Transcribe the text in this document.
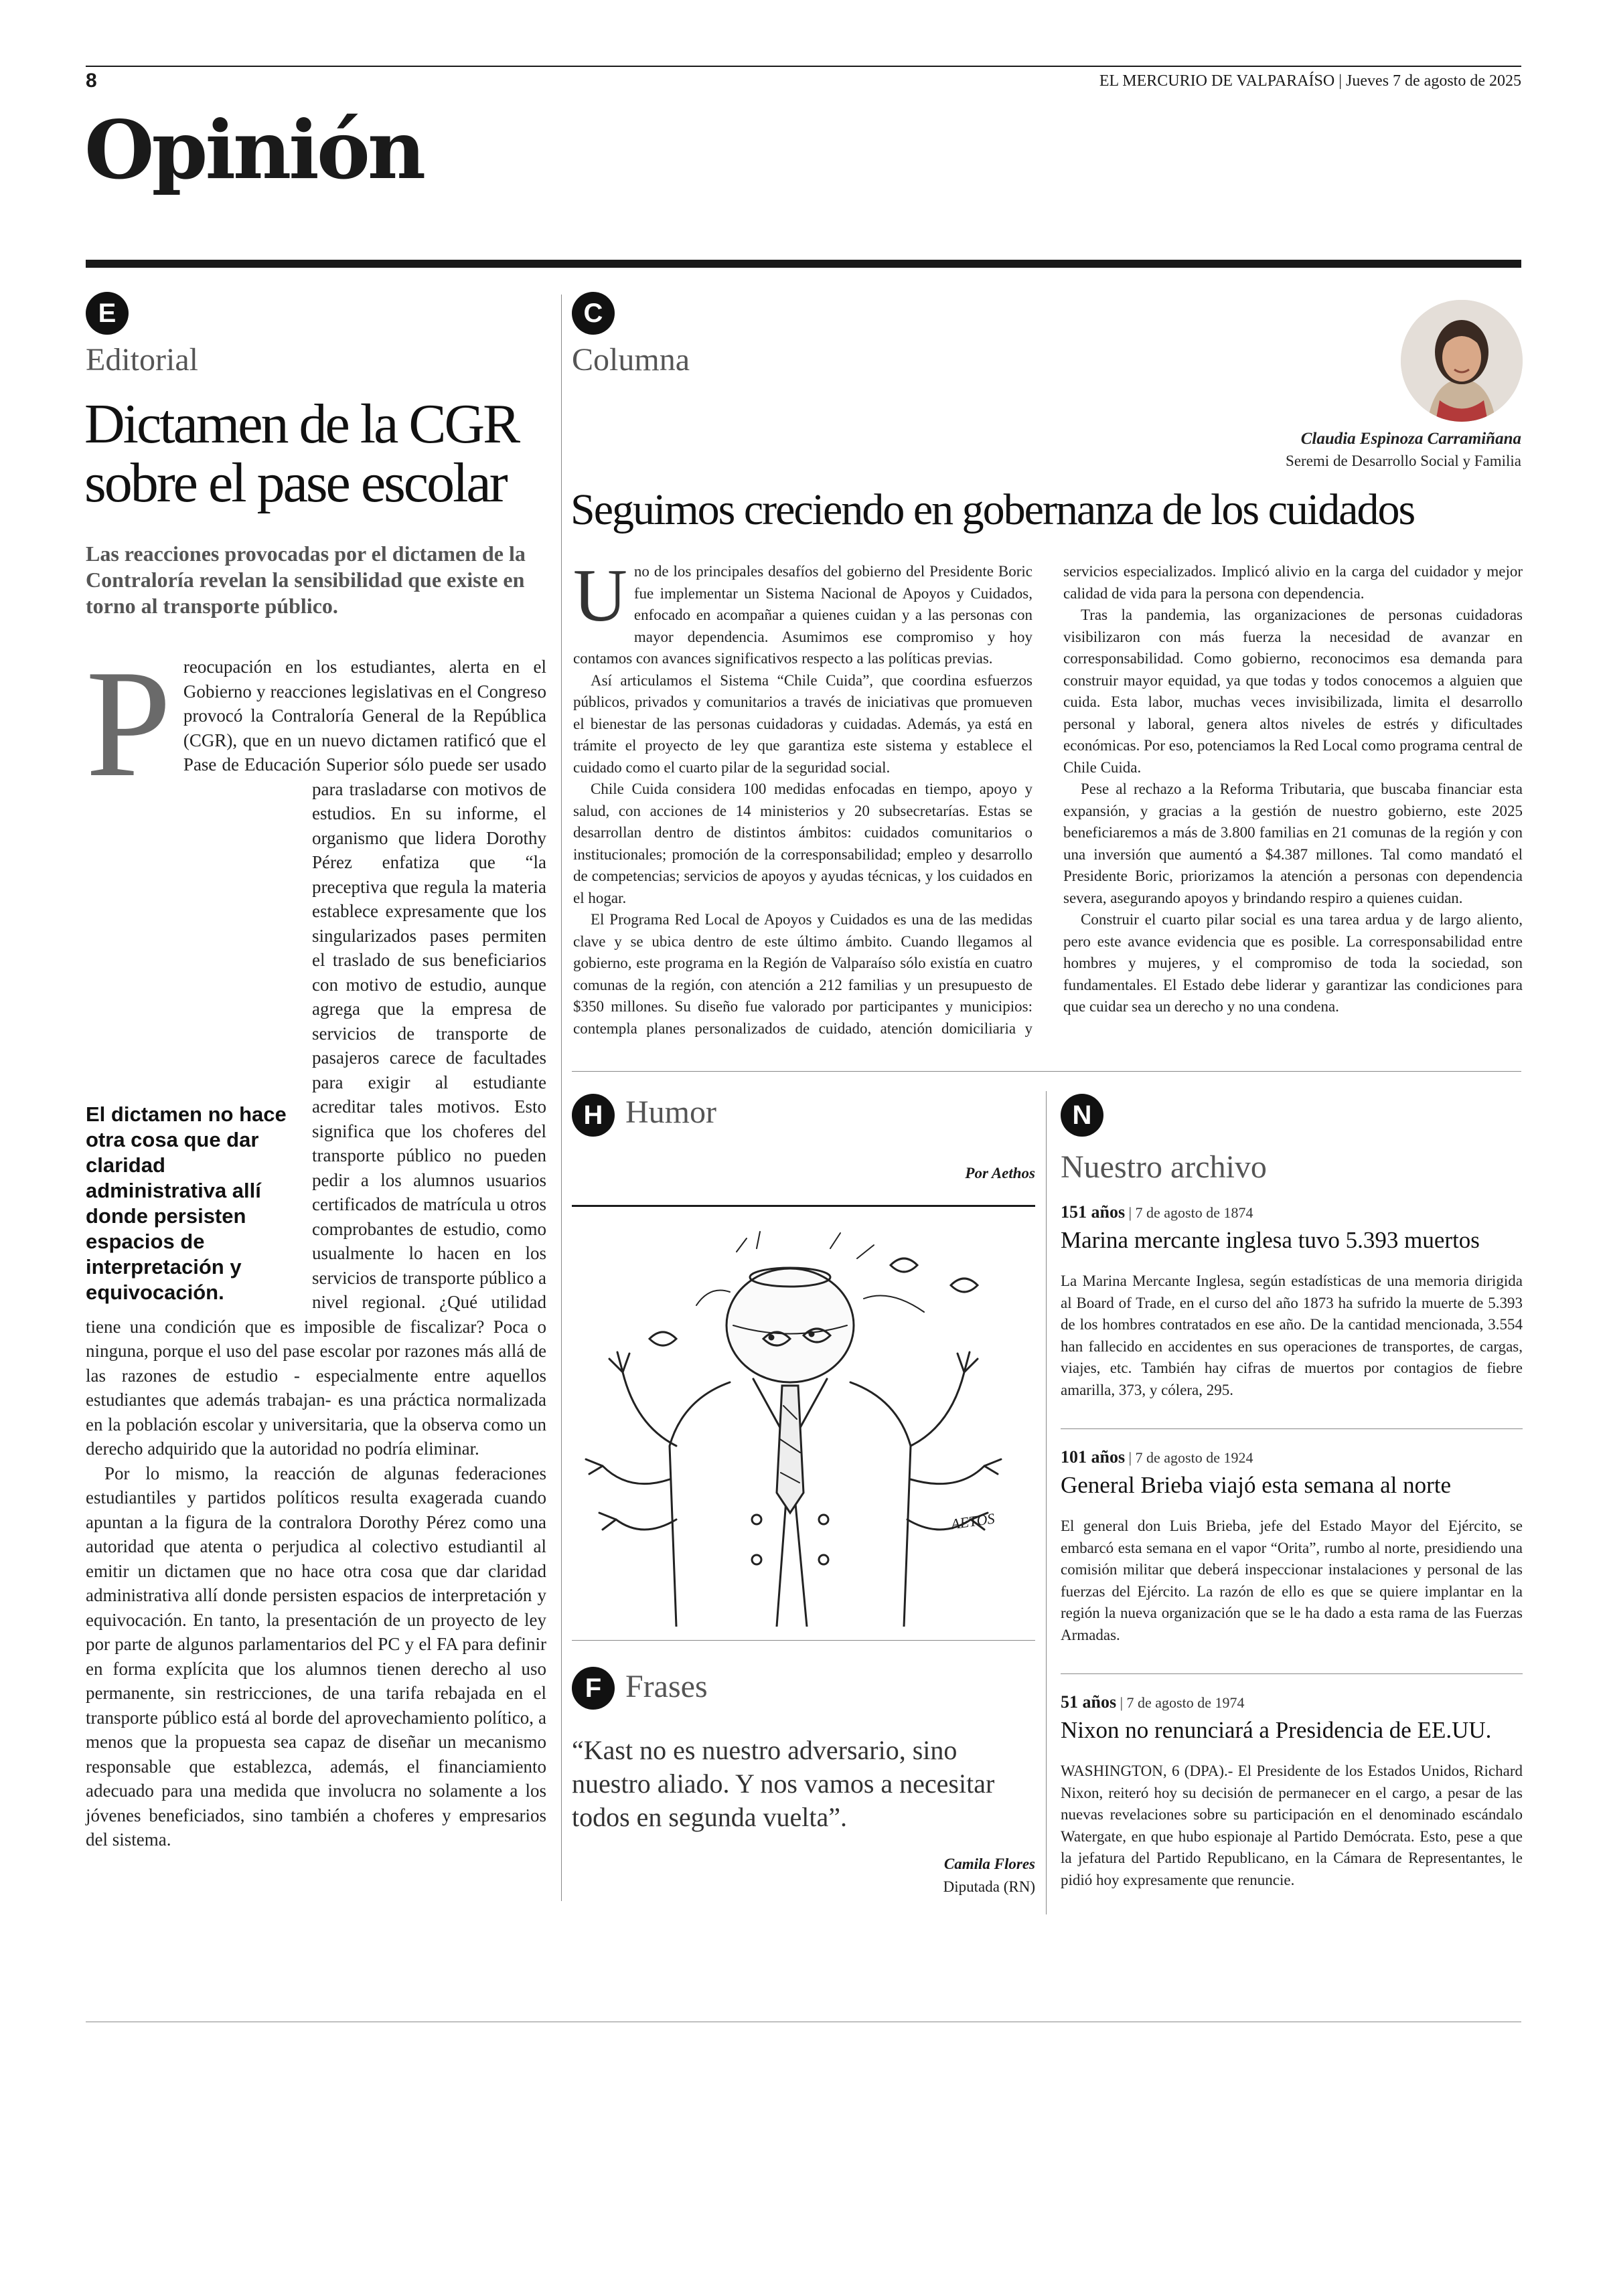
8	EL MERCURIO DE VALPARAÍSO | Jueves 7 de agosto de 2025
Opinión
E
Editorial
Dictamen de la CGR
sobre el pase escolar
Las reacciones provocadas por el dictamen de la Contraloría revelan la sensibilidad que existe en torno al transporte público.
P

El dictamen no hace otra cosa que dar claridad administrativa allí donde persisten espacios de interpretación y equivocación.
reocupación en los estudiantes, alerta en el Gobierno y reacciones legislativas en el Congreso provocó la Contraloría General de la República (CGR), que en un nuevo dictamen ratificó que el Pase de Educación Superior sólo puede ser usado para trasladarse con motivos de estudios. En su informe, el organismo que lidera Dorothy Pérez enfatiza que “la preceptiva que regula la materia establece expresamente que los singularizados pases permiten el traslado de sus beneficiarios con motivo de estudio, aunque agrega que la empresa de servicios de transporte de pasajeros carece de facultades para exigir al estudiante acreditar tales motivos. Esto significa que los choferes del transporte público no pueden pedir a los alumnos usuarios certificados de matrícula u otros comprobantes de estudio, como usualmente lo hacen en los servicios de transporte público a nivel regional. ¿Qué utilidad tiene una condición que es imposible de fiscalizar? Poca o ninguna, porque el uso del pase escolar por razones más allá de las razones de estudio - especialmente entre aquellos estudiantes que además trabajan- es una práctica normalizada en la población escolar y universitaria, que la observa como un derecho adquirido que la autoridad no podría eliminar.

Por lo mismo, la reacción de algunas federaciones estudiantiles y partidos políticos resulta exagerada cuando apuntan a la figura de la contralora Dorothy Pérez como una autoridad que atenta o perjudica al colectivo estudiantil al emitir un dictamen que no hace otra cosa que dar claridad administrativa allí donde persisten espacios de interpretación y equivocación. En tanto, la presentación de un proyecto de ley por parte de algunos parlamentarios del PC y el FA para definir en forma explícita que los alumnos tienen derecho al uso permanente, sin restricciones, de una tarifa rebajada en el transporte público está al borde del aprovechamiento político, a menos que la propuesta sea capaz de diseñar un mecanismo responsable que establezca, además, el financiamiento adecuado para una medida que involucra no solamente a los jóvenes beneficiados, sino también a choferes y empresarios del sistema.

C
Columna
Claudia Espinoza Carramiñana
Seremi de Desarrollo Social y Familia
Seguimos creciendo en gobernanza de los cuidados

U no de los principales desafíos del gobierno del Presidente Boric fue implementar un Sistema Nacional de Apoyos y Cuidados, enfocado en acompañar a quienes cuidan y a las personas con mayor dependencia. Asumimos ese compromiso y hoy contamos con avances significativos respecto a las políticas previas.

Así articulamos el Sistema “Chile Cuida”, que coordina esfuerzos públicos, privados y comunitarios a través de iniciativas que promueven el bienestar de las personas cuidadoras y cuidadas. Además, ya está en trámite el proyecto de ley que garantiza este sistema y establece el cuidado como el cuarto pilar de la seguridad social.

Chile Cuida considera 100 medidas enfocadas en tiempo, apoyo y salud, con acciones de 14 ministerios y 20 subsecretarías. Estas se desarrollan dentro de distintos ámbitos: cuidados comunitarios o institucionales; promoción de la corresponsabilidad; empleo y desarrollo de competencias; servicios de apoyos y ayudas técnicas, y los cuidados en el hogar.

El Programa Red Local de Apoyos y Cuidados es una de las medidas clave y se ubica dentro de este último ámbito. Cuando llegamos al gobierno, este programa en la Región de Valparaíso sólo existía en cuatro comunas de la región, con atención a 212 familias y un presupuesto de $350 millones. Su diseño fue valorado por participantes y municipios: contempla planes personalizados de cuidado, atención domiciliaria y servicios especializados. Implicó alivio en la carga del cuidador y mejor calidad de vida para la persona con dependencia.

Tras la pandemia, las organizaciones de personas cuidadoras visibilizaron con más fuerza la necesidad de avanzar en corresponsabilidad. Como gobierno, reconocimos esa demanda para construir mayor equidad, ya que todas y todos conocemos a alguien que cuida. Esta labor, muchas veces invisibilizada, limita el desarrollo personal y laboral, genera altos niveles de estrés y dificultades económicas. Por eso, potenciamos la Red Local como programa central de Chile Cuida.

Pese al rechazo a la Reforma Tributaria, que buscaba financiar esta expansión, y gracias a la gestión de nuestro gobierno, este 2025 beneficiaremos a más de 3.800 familias en 21 comunas de la región y con una inversión que aumentó a $4.387 millones. Tal como mandató el Presidente Boric, priorizamos la atención a personas con dependencia severa, asegurando apoyos y brindando respiro a quienes cuidan.

Construir el cuarto pilar social es una tarea ardua y de largo aliento, pero este avance evidencia que es posible. La corresponsabilidad entre hombres y mujeres, y el compromiso de toda la sociedad, son fundamentales. El Estado debe liderar y garantizar las condiciones para que cuidar sea un derecho y no una condena.

H Humor
Por Aethos
AETOS
F Frases
“Kast no es nuestro adversario, sino nuestro aliado. Y nos vamos a necesitar todos en segunda vuelta”.
Camila Flores
Diputada (RN)
N
Nuestro archivo
151 años | 7 de agosto de 1874
Marina mercante inglesa tuvo 5.393 muertos
La Marina Mercante Inglesa, según estadísticas de una memoria dirigida al Board of Trade, en el curso del año 1873 ha sufrido la muerte de 5.393 de los hombres contratados en ese año. De la cantidad mencionada, 3.554 han fallecido en accidentes en sus operaciones de transportes, de cargas, viajes, etc. También hay cifras de muertos por contagios de fiebre amarilla, 373, y cólera, 295.
101 años | 7 de agosto de 1924
General Brieba viajó esta semana al norte
El general don Luis Brieba, jefe del Estado Mayor del Ejército, se embarcó esta semana en el vapor “Orita”, rumbo al norte, presidiendo una comisión militar que deberá inspeccionar instalaciones y personal de las fuerzas del Ejército. La razón de ello es que se quiere implantar en la región la nueva organización que se le ha dado a esta rama de las Fuerzas Armadas.
51 años | 7 de agosto de 1974
Nixon no renunciará a Presidencia de EE.UU.
WASHINGTON, 6 (DPA).- El Presidente de los Estados Unidos, Richard Nixon, reiteró hoy su decisión de permanecer en el cargo, a pesar de las nuevas revelaciones sobre su participación en el denominado escándalo Watergate, en que hubo espionaje al Partido Demócrata. Esto, pese a que la jefatura del Partido Republicano, en la Cámara de Representantes, le pidió hoy expresamente que renuncie.
